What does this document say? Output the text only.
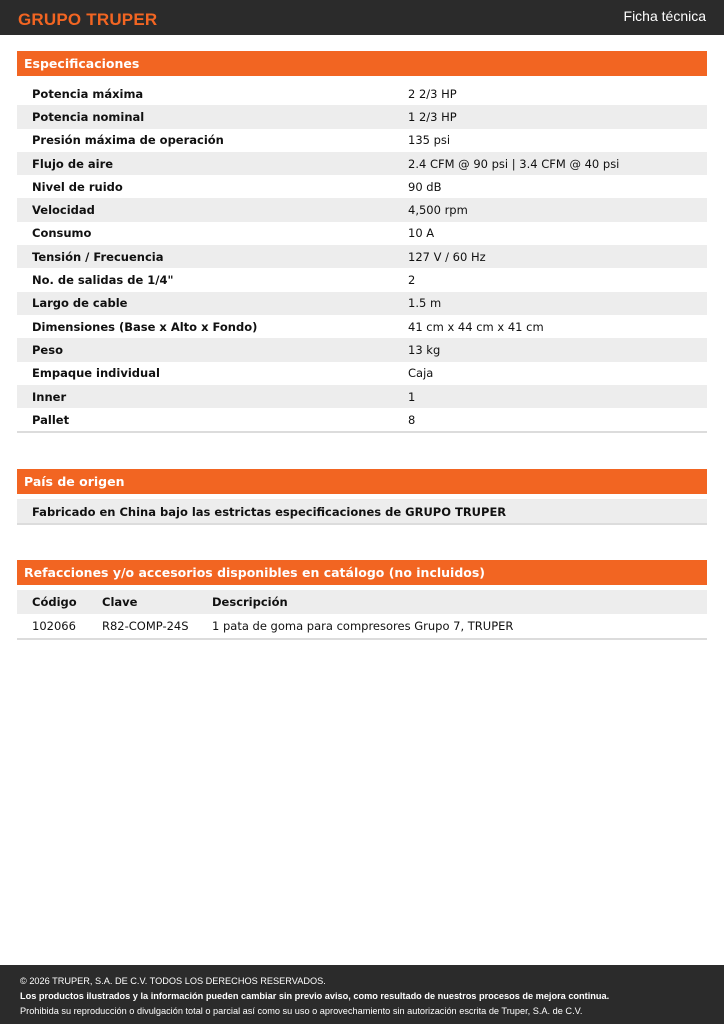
GRUPO TRUPER	Ficha técnica
Especificaciones
Potencia máxima	2 2/3 HP
Potencia nominal	1 2/3 HP
Presión máxima de operación	135 psi
Flujo de aire	2.4 CFM @ 90 psi | 3.4 CFM @ 40 psi
Nivel de ruido	90 dB
Velocidad	4,500 rpm
Consumo	10 A
Tensión / Frecuencia	127 V / 60 Hz
No. de salidas de 1/4"	2
Largo de cable	1.5 m
Dimensiones (Base x Alto x Fondo)	41 cm x 44 cm x 41 cm
Peso	13 kg
Empaque individual	Caja
Inner	1
Pallet	8
País de origen
Fabricado en China bajo las estrictas especificaciones de GRUPO TRUPER
Refacciones y/o accesorios disponibles en catálogo (no incluidos)
Código	Clave	Descripción
102066	R82-COMP-24S	1 pata de goma para compresores Grupo 7, TRUPER
© 2026 TRUPER, S.A. DE C.V. TODOS LOS DERECHOS RESERVADOS.
Los productos ilustrados y la información pueden cambiar sin previo aviso, como resultado de nuestros procesos de mejora continua.
Prohibida su reproducción o divulgación total o parcial así como su uso o aprovechamiento sin autorización escrita de Truper, S.A. de C.V.
